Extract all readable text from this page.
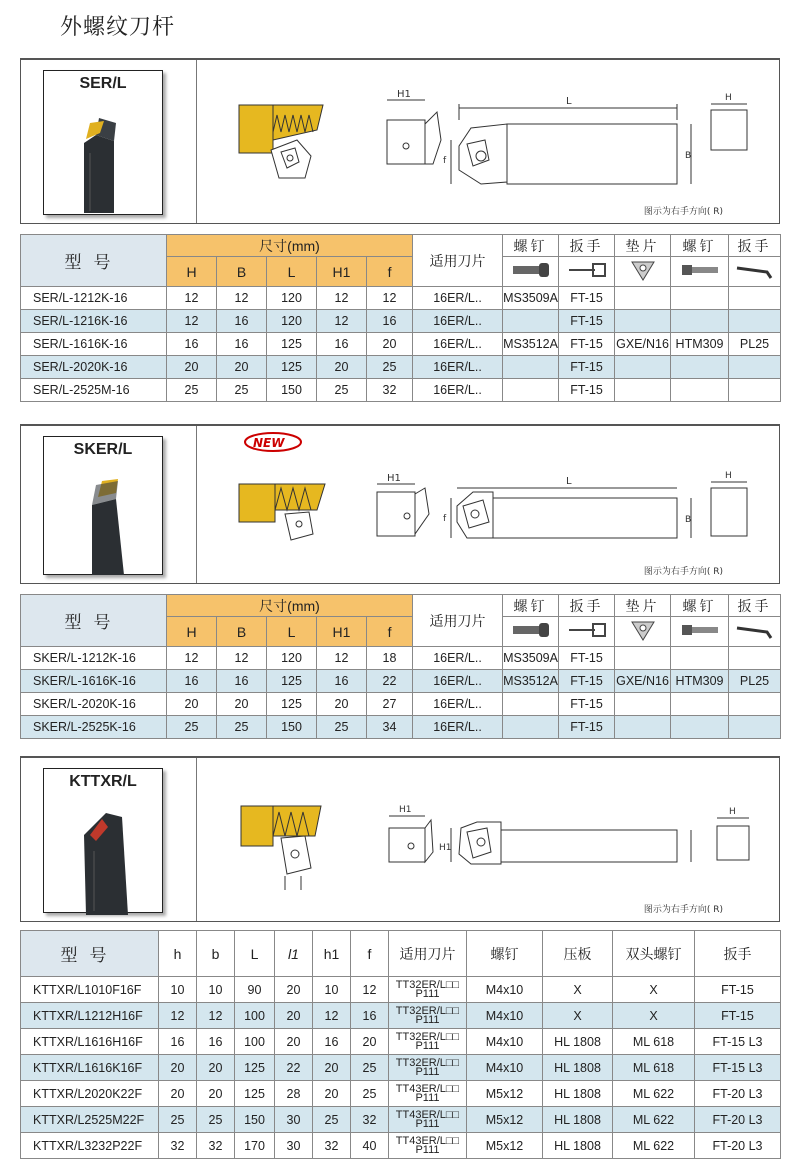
外螺纹刀杆
SER/L
H1
L
B
f
H
图示为右手方向( R)
型号	尺寸(mm)					适用刀片	螺钉	扳手	垫片	螺钉	扳手
	H	B	L	H1	f					
SER/L-1212K-16	12	12	120	12	12	16ER/L..	MS3509A	FT-15			
SER/L-1216K-16	12	16	120	12	16	16ER/L..		FT-15			
SER/L-1616K-16	16	16	125	16	20	16ER/L..	MS3512A	FT-15	GXE/N16	HTM309	PL25
SER/L-2020K-16	20	20	125	20	25	16ER/L..		FT-15			
SER/L-2525M-16	25	25	150	25	32	16ER/L..		FT-15			
SKER/L	NEW
H1	L
B
f
H
图示为右手方向( R)
型号	尺寸(mm)					适用刀片	螺钉	扳手	垫片	螺钉	扳手
	H	B	L	H1	f					
SKER/L-1212K-16	12	12	120	12	18	16ER/L..	MS3509A	FT-15			
SKER/L-1616K-16	16	16	125	16	22	16ER/L..	MS3512A	FT-15	GXE/N16	HTM309	PL25
SKER/L-2020K-16	20	20	125	20	27	16ER/L..		FT-15			
SKER/L-2525K-16	25	25	150	25	34	16ER/L..		FT-15			
KTTXR/L
H1
H1
H
图示为右手方向( R)
型号	h	b	L	l1	h1	f	适用刀片	螺钉	压板	双头螺钉	扳手
KTTXR/L1010F16F	10	10	90	20	10	12	TT32ER/L□□
P111	M4x10	X	X	FT-15
KTTXR/L1212H16F	12	12	100	20	12	16	TT32ER/L□□
P111	M4x10	X	X	FT-15
KTTXR/L1616H16F	16	16	100	20	16	20	TT32ER/L□□
P111	M4x10	HL 1808	ML 618	FT-15 L3
KTTXR/L1616K16F	20	20	125	22	20	25	TT32ER/L□□
P111	M4x10	HL 1808	ML 618	FT-15 L3
KTTXR/L2020K22F	20	20	125	28	20	25	TT43ER/L□□
P111	M5x12	HL 1808	ML 622	FT-20 L3
KTTXR/L2525M22F	25	25	150	30	25	32	TT43ER/L□□
P111	M5x12	HL 1808	ML 622	FT-20 L3
KTTXR/L3232P22F	32	32	170	30	32	40	TT43ER/L□□
P111	M5x12	HL 1808	ML 622	FT-20 L3
